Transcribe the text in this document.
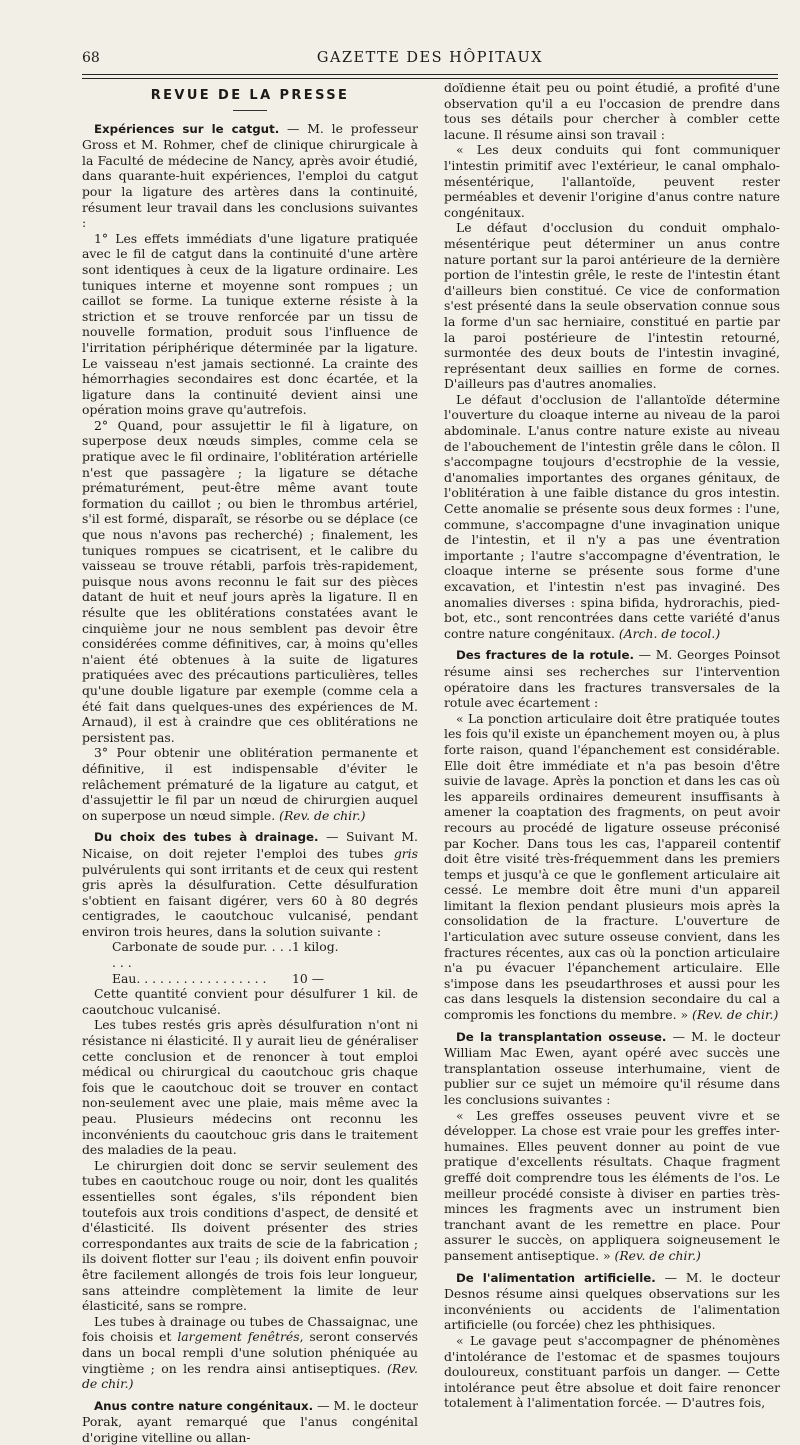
68	GAZETTE DES HÔPITAUX
REVUE DE LA PRESSE

Expériences sur le catgut. — M. le professeur Gross et M. Rohmer, chef de clinique chirurgicale à la Faculté de médecine de Nancy, après avoir étudié, dans quarante-huit expériences, l'emploi du catgut pour la ligature des artères dans la continuité, résument leur travail dans les conclusions suivantes :

1° Les effets immédiats d'une ligature pratiquée avec le fil de catgut dans la continuité d'une artère sont identiques à ceux de la ligature ordinaire. Les tuniques interne et moyenne sont rompues ; un caillot se forme. La tunique externe résiste à la striction et se trouve renforcée par un tissu de nouvelle formation, produit sous l'influence de l'irritation périphérique déterminée par la ligature. Le vaisseau n'est jamais sectionné. La crainte des hémorrhagies secondaires est donc écartée, et la ligature dans la continuité devient ainsi une opération moins grave qu'autrefois.

2° Quand, pour assujettir le fil à ligature, on superpose deux nœuds simples, comme cela se pratique avec le fil ordinaire, l'oblitération artérielle n'est que passagère ; la ligature se détache prématurément, peut-être même avant toute formation du caillot ; ou bien le thrombus artériel, s'il est formé, disparaît, se résorbe ou se déplace (ce que nous n'avons pas recherché) ; finalement, les tuniques rompues se cicatrisent, et le calibre du vaisseau se trouve rétabli, parfois très-rapidement, puisque nous avons reconnu le fait sur des pièces datant de huit et neuf jours après la ligature. Il en résulte que les oblitérations constatées avant le cinquième jour ne nous semblent pas devoir être considérées comme définitives, car, à moins qu'elles n'aient été obtenues à la suite de ligatures pratiquées avec des précautions particulières, telles qu'une double ligature par exemple (comme cela a été fait dans quelques-unes des expériences de M. Arnaud), il est à craindre que ces oblitérations ne persistent pas.

3° Pour obtenir une oblitération permanente et définitive, il est indispensable d'éviter le relâchement prématuré de la ligature au catgut, et d'assujettir le fil par un nœud de chirurgien auquel on superpose un nœud simple. (Rev. de chir.)

Du choix des tubes à drainage. — Suivant M. Nicaise, on doit rejeter l'emploi des tubes gris pulvérulents qui sont irritants et de ceux qui restent gris après la désulfuration. Cette désulfuration s'obtient en faisant digérer, vers 60 à 80 degrés centigrades, le caoutchouc vulcanisé, pendant environ trois heures, dans la solution suivante :

Carbonate de soude pur. . . . . . .
1 kilog.
Eau. . . . . . . . . . . . . . . . .	10 —

Cette quantité convient pour désulfurer 1 kil. de caoutchouc vulcanisé.

Les tubes restés gris après désulfuration n'ont ni résistance ni élasticité. Il y aurait lieu de généraliser cette conclusion et de renoncer à tout emploi médical ou chirurgical du caoutchouc gris chaque fois que le caoutchouc doit se trouver en contact non-seulement avec une plaie, mais même avec la peau. Plusieurs médecins ont reconnu les inconvénients du caoutchouc gris dans le traitement des maladies de la peau.

Le chirurgien doit donc se servir seulement des tubes en caoutchouc rouge ou noir, dont les qualités essentielles sont égales, s'ils répondent bien toutefois aux trois conditions d'aspect, de densité et d'élasticité. Ils doivent présenter des stries correspondantes aux traits de scie de la fabrication ; ils doivent flotter sur l'eau ; ils doivent enfin pouvoir être facilement allongés de trois fois leur longueur, sans atteindre complètement la limite de leur élasticité, sans se rompre.

Les tubes à drainage ou tubes de Chassaignac, une fois choisis et largement fenêtrés, seront conservés dans un bocal rempli d'une solution phéniquée au vingtième ; on les rendra ainsi antiseptiques. (Rev. de chir.)

Anus contre nature congénitaux. — M. le docteur Porak, ayant remarqué que l'anus congénital d'origine vitelline ou allan-

doïdienne était peu ou point étudié, a profité d'une observation qu'il a eu l'occasion de prendre dans tous ses détails pour chercher à combler cette lacune. Il résume ainsi son travail :

« Les deux conduits qui font communiquer l'intestin primitif avec l'extérieur, le canal omphalo-mésentérique, l'allantoïde, peuvent rester perméables et devenir l'origine d'anus contre nature congénitaux.

Le défaut d'occlusion du conduit omphalo-mésentérique peut déterminer un anus contre nature portant sur la paroi antérieure de la dernière portion de l'intestin grêle, le reste de l'intestin étant d'ailleurs bien constitué. Ce vice de conformation s'est présenté dans la seule observation connue sous la forme d'un sac herniaire, constitué en partie par la paroi postérieure de l'intestin retourné, surmontée des deux bouts de l'intestin invaginé, représentant deux saillies en forme de cornes. D'ailleurs pas d'autres anomalies.

Le défaut d'occlusion de l'allantoïde détermine l'ouverture du cloaque interne au niveau de la paroi abdominale. L'anus contre nature existe au niveau de l'abouchement de l'intestin grêle dans le côlon. Il s'accompagne toujours d'ecstrophie de la vessie, d'anomalies importantes des organes génitaux, de l'oblitération à une faible distance du gros intestin. Cette anomalie se présente sous deux formes : l'une, commune, s'accompagne d'une invagination unique de l'intestin, et il n'y a pas une éventration importante ; l'autre s'accompagne d'éventration, le cloaque interne se présente sous forme d'une excavation, et l'intestin n'est pas invaginé. Des anomalies diverses : spina bifida, hydrorachis, pied-bot, etc., sont rencontrées dans cette variété d'anus contre nature congénitaux. (Arch. de tocol.)

Des fractures de la rotule. — M. Georges Poinsot résume ainsi ses recherches sur l'intervention opératoire dans les fractures transversales de la rotule avec écartement :

« La ponction articulaire doit être pratiquée toutes les fois qu'il existe un épanchement moyen ou, à plus forte raison, quand l'épanchement est considérable. Elle doit être immédiate et n'a pas besoin d'être suivie de lavage. Après la ponction et dans les cas où les appareils ordinaires demeurent insuffisants à amener la coaptation des fragments, on peut avoir recours au procédé de ligature osseuse préconisé par Kocher. Dans tous les cas, l'appareil contentif doit être visité très-fréquemment dans les premiers temps et jusqu'à ce que le gonflement articulaire ait cessé. Le membre doit être muni d'un appareil limitant la flexion pendant plusieurs mois après la consolidation de la fracture. L'ouverture de l'articulation avec suture osseuse convient, dans les fractures récentes, aux cas où la ponction articulaire n'a pu évacuer l'épanchement articulaire. Elle s'impose dans les pseudarthroses et aussi pour les cas dans lesquels la distension secondaire du cal a compromis les fonctions du membre. » (Rev. de chir.)

De la transplantation osseuse. — M. le docteur William Mac Ewen, ayant opéré avec succès une transplantation osseuse interhumaine, vient de publier sur ce sujet un mémoire qu'il résume dans les conclusions suivantes :

« Les greffes osseuses peuvent vivre et se développer. La chose est vraie pour les greffes inter-humaines. Elles peuvent donner au point de vue pratique d'excellents résultats. Chaque fragment greffé doit comprendre tous les éléments de l'os. Le meilleur procédé consiste à diviser en parties très-minces les fragments avec un instrument bien tranchant avant de les remettre en place. Pour assurer le succès, on appliquera soigneusement le pansement antiseptique. » (Rev. de chir.)

De l'alimentation artificielle. — M. le docteur Desnos résume ainsi quelques observations sur les inconvénients ou accidents de l'alimentation artificielle (ou forcée) chez les phthisiques.

« Le gavage peut s'accompagner de phénomènes d'intolérance de l'estomac et de spasmes toujours douloureux, constituant parfois un danger. — Cette intolérance peut être absolue et doit faire renoncer totalement à l'alimentation forcée. — D'autres fois,
